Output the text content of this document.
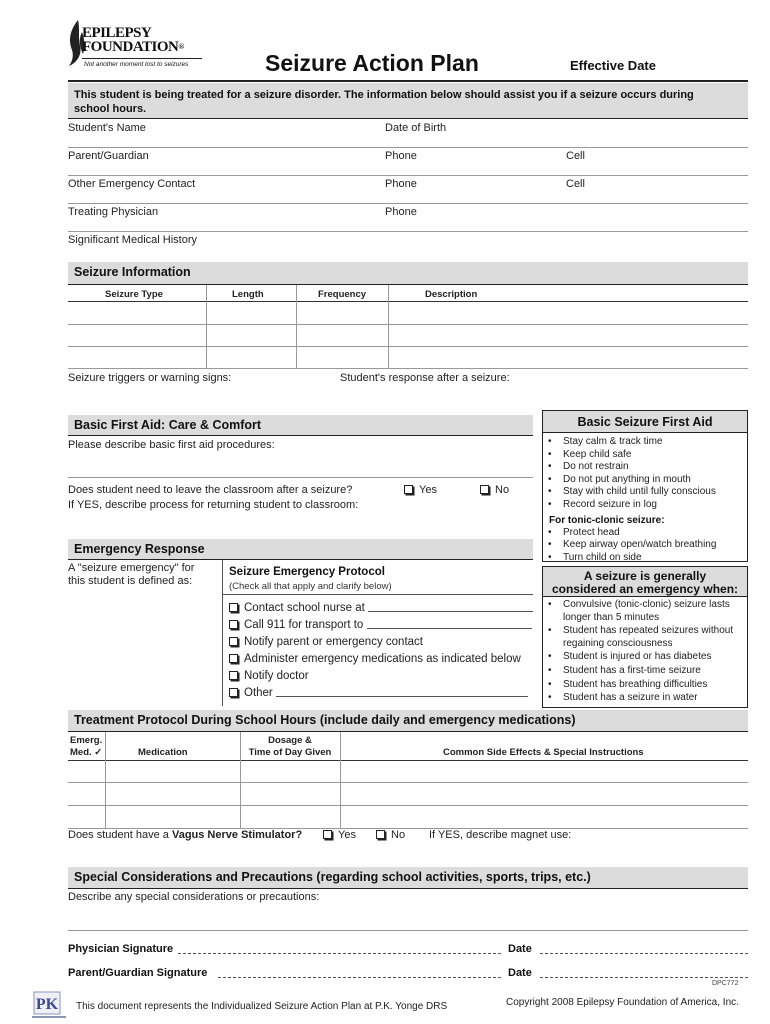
EPILEPSY
FOUNDATION®
Not another moment lost to seizures	Seizure Action Plan	Effective Date
This student is being treated for a seizure disorder. The information below should assist you if a seizure occurs during school hours.
Student's Name	Date of Birth
Parent/Guardian	Phone	Cell
Other Emergency Contact	Phone	Cell
Treating Physician	Phone
Significant Medical History
Seizure Information
Seizure Type	Length	Frequency	Description
Seizure triggers or warning signs:	Student's response after a seizure:
Basic First Aid: Care & Comfort
Please describe basic first aid procedures:
Does student need to leave the classroom after a seizure?	Yes	No
If YES, describe process for returning student to classroom:
Basic Seizure First Aid
• Stay calm & track time
• Keep child safe
• Do not restrain
• Do not put anything in mouth
• Stay with child until fully conscious
• Record seizure in log
For tonic-clonic seizure:
• Protect head
• Keep airway open/watch breathing
• Turn child on side
Emergency Response
A "seizure emergency" for
this student is defined as:
Seizure Emergency Protocol
(Check all that apply and clarify below)
Contact school nurse at
Call 911 for transport to
Notify parent or emergency contact
Administer emergency medications as indicated below
Notify doctor
Other
A seizure is generally
considered an emergency when:
• Convulsive (tonic-clonic) seizure lasts longer than 5 minutes
• Student has repeated seizures without regaining consciousness
• Student is injured or has diabetes
• Student has a first-time seizure
• Student has breathing difficulties
• Student has a seizure in water
Treatment Protocol During School Hours (include daily and emergency medications)
Emerg.
Med. ✓	Medication
Dosage &
Time of Day Given	Common Side Effects & Special Instructions
Does student have a Vagus Nerve Stimulator?	Yes	No If YES, describe magnet use:
Special Considerations and Precautions (regarding school activities, sports, trips, etc.)
Describe any special considerations or precautions:
Physician Signature	Date
Parent/Guardian Signature	Date
DPC772
PK This document represents the Individualized Seizure Action Plan at P.K. Yonge DRS	Copyright 2008 Epilepsy Foundation of America, Inc.
